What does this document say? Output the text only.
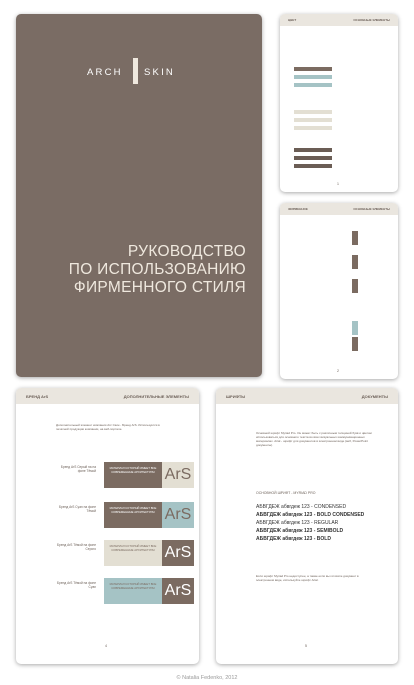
ARCH SKIN
РУКОВОДСТВО
ПО ИСПОЛЬЗОВАНИЮ
ФИРМЕННОГО СТИЛЯ
ЦВЕТ	ОСНОВНЫЕ ЭЛЕМЕНТЫ
1
ФИРМЕННОЕ	ОСНОВНЫЕ ЭЛЕМЕНТЫ
2
БРЕНД ArS	ДОПОЛНИТЕЛЬНЫЕ ЭЛЕМЕНТЫ
Дополнительный элемент компании Arс Скин - Бренд ArS. Используется в печатной продукции компании, на веб-портале.
Бренд ArS Серый на на фоне Тёмой
МАТЕРИАЛ КОТОРЫЙ ИМЕЕТ ВСЕ СОВРЕМЕННЫЕ АРХИТЕКТУРЫ ArS
Бренд ArS Cyan на фоне Тёмой
МАТЕРИАЛ КОТОРЫЙ ИМЕЕТ ВСЕ СОВРЕМЕННЫЕ АРХИТЕКТУРЫ ArS
Бренд ArS Тёмой на фоне Серого
МАТЕРИАЛ КОТОРЫЙ ИМЕЕТ ВСЕ СОВРЕМЕННЫЕ АРХИТЕКТУРЫ ArS
Бренд ArS Тёмой на фоне Cyan
МАТЕРИАЛ КОТОРЫЙ ИМЕЕТ ВСЕ СОВРЕМЕННЫЕ АРХИТЕКТУРЫ ArS
4
ШРИФТЫ	ДОКУМЕНТЫ
Основной шрифт Myriad Pro. Он может быть с различным толщиной букв и цветом использоваться для основного текста во всех визуальных коммуникационных материалах. Arial - шрифт для документов в электронном виде (веб, PowerPoint документы).
ОСНОВНОЙ ШРИФТ - MYRIAD PRO
АБВГДЕЖ абвгдеж 123 - CONDENSED
АБВГДЕЖ абвгдеж 123 - BOLD CONDENSED
АБВГДЕЖ абвгдеж 123 - REGULAR
АБВГДЕЖ абвгдеж 123 - SEMIBOLD
АБВГДЕЖ абвгдеж 123 - BOLD
Если шрифт Myriad Pro недоступен, а также если вы готовите документ в электронном виде, используйте шрифт Arial.
5
© Natalia Fedenko, 2012
